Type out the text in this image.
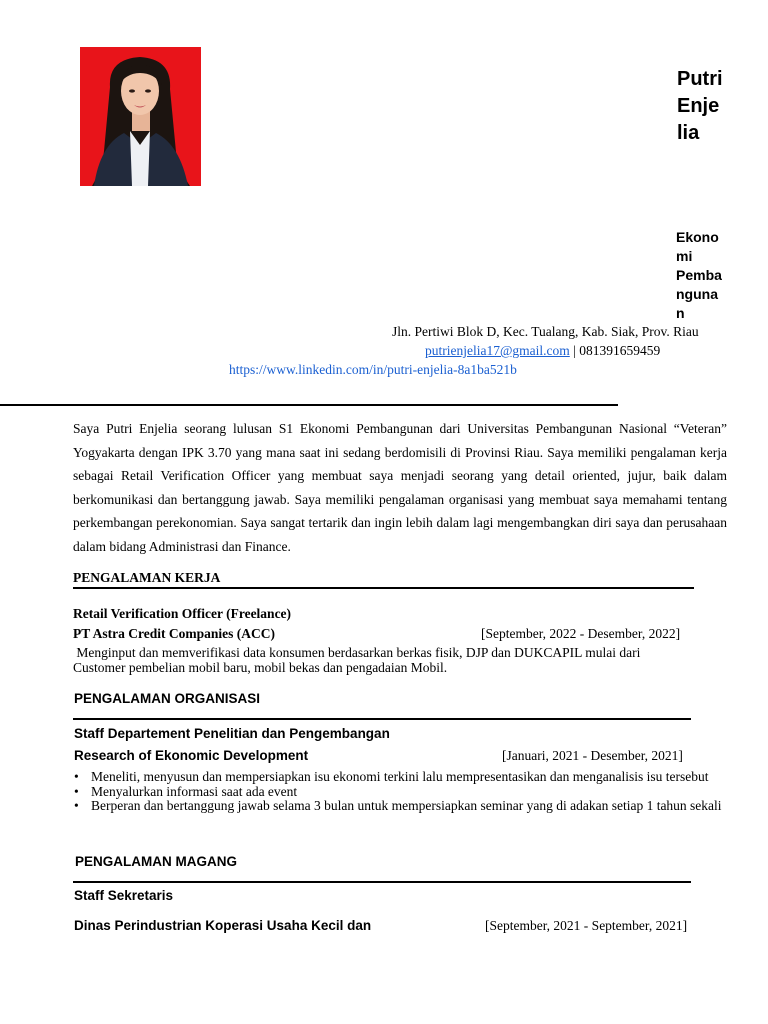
Putri
Enje
lia
Ekono
mi
Pemba
nguna
n
Jln. Pertiwi Blok D, Kec. Tualang, Kab. Siak, Prov. Riau
putrienjelia17@gmail.com | 081391659459
https://www.linkedin.com/in/putri-enjelia-8a1ba521b
Saya Putri Enjelia seorang lulusan S1 Ekonomi Pembangunan dari Universitas Pembangunan Nasional “Veteran” Yogyakarta dengan IPK 3.70 yang mana saat ini sedang berdomisili di Provinsi Riau. Saya memiliki pengalaman kerja sebagai Retail Verification Officer yang membuat saya menjadi seorang yang detail oriented, jujur, baik dalam berkomunikasi dan bertanggung jawab. Saya memiliki pengalaman organisasi yang membuat saya memahami tentang perkembangan perekonomian. Saya sangat tertarik dan ingin lebih dalam lagi mengembangkan diri saya dan perusahaan dalam bidang Administrasi dan Finance.
PENGALAMAN KERJA
Retail Verification Officer (Freelance)
PT Astra Credit Companies (ACC)	[September, 2022 - Desember, 2022]
Menginput dan memverifikasi data konsumen berdasarkan berkas fisik, DJP dan DUKCAPIL mulai dari Customer pembelian mobil baru, mobil bekas dan pengadaian Mobil.
PENGALAMAN ORGANISASI
Staff Departement Penelitian dan Pengembangan
Research of Ekonomic Development	[Januari, 2021 - Desember, 2021]
• Meneliti, menyusun dan mempersiapkan isu ekonomi terkini lalu mempresentasikan dan menganalisis isu tersebut
• Menyalurkan informasi saat ada event
• Berperan dan bertanggung jawab selama 3 bulan untuk mempersiapkan seminar yang di adakan setiap 1 tahun sekali
PENGALAMAN MAGANG
Staff Sekretaris
Dinas Perindustrian Koperasi Usaha Kecil dan	[September, 2021 - September, 2021]
